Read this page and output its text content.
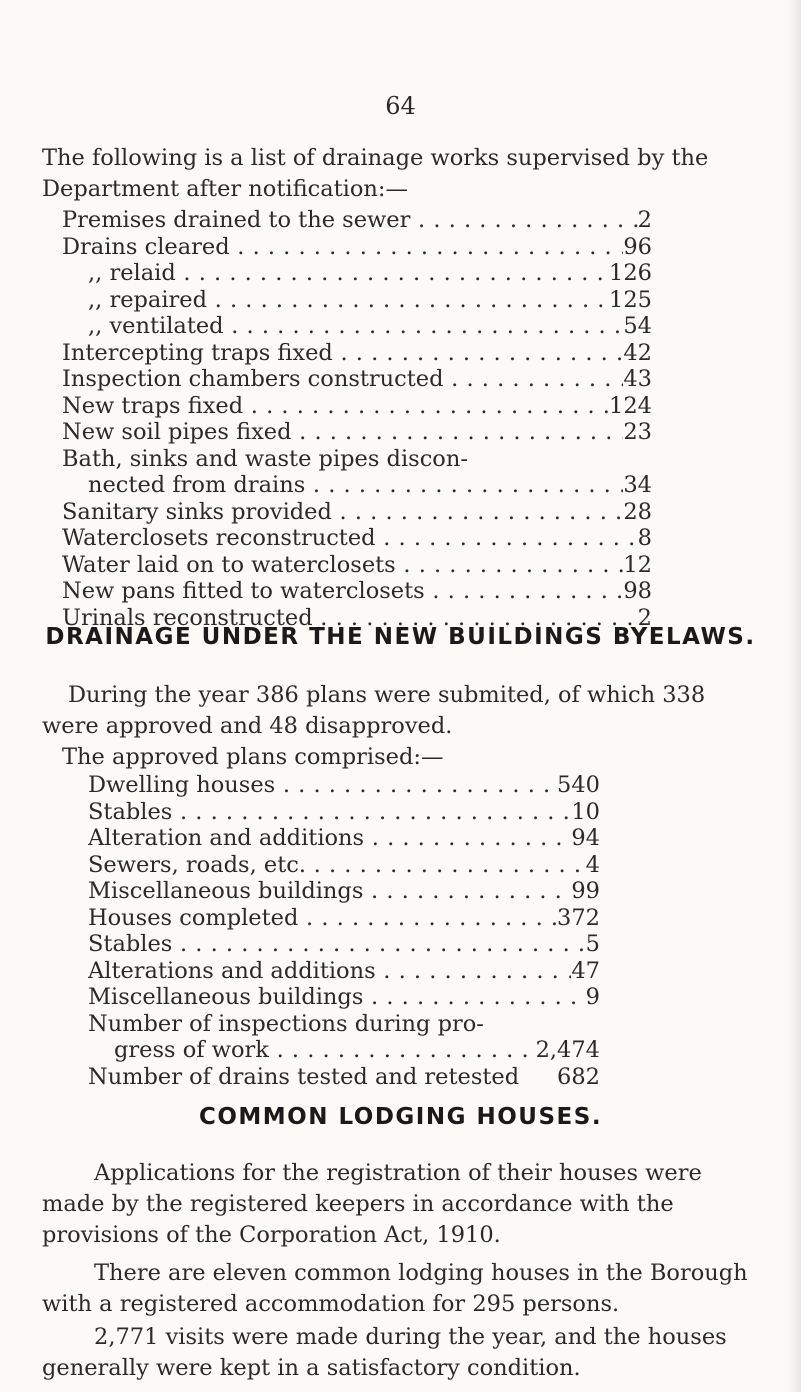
64
The following is a list of drainage works supervised by the Department after notification:—
Premises drained to the sewer . . .	2
Drains cleared . . .	96
,, relaid . . .	126
,, repaired . . .	125
,, ventilated . . .	54
Intercepting traps fixed . . .	42
Inspection chambers constructed . . .	43
New traps fixed . . .	124
New soil pipes fixed . . .	23
Bath, sinks and waste pipes discon-
nected from drains . . .	34
Sanitary sinks provided . . .	28
Waterclosets reconstructed . . .	8
Water laid on to waterclosets . . .	12
New pans fitted to waterclosets . . .	98
Urinals reconstructed . . .	2
DRAINAGE UNDER THE NEW BUILDINGS BYELAWS.
During the year 386 plans were submited, of which 338 were approved and 48 disapproved.
The approved plans comprised:—
Dwelling houses . . .	540
Stables . . .	10
Alteration and additions . . .	94
Sewers, roads, etc. . . .	4
Miscellaneous buildings . . .	99
Houses completed . . .	372
Stables . . .	5
Alterations and additions . . .	47
Miscellaneous buildings . . .	9
Number of inspections during pro-
gress of work . . .	2,474
Number of drains tested and retested	682
COMMON LODGING HOUSES.
Applications for the registration of their houses were made by the registered keepers in accordance with the provisions of the Corporation Act, 1910.
There are eleven common lodging houses in the Borough with a registered accommodation for 295 persons.
2,771 visits were made during the year, and the houses generally were kept in a satisfactory condition.
